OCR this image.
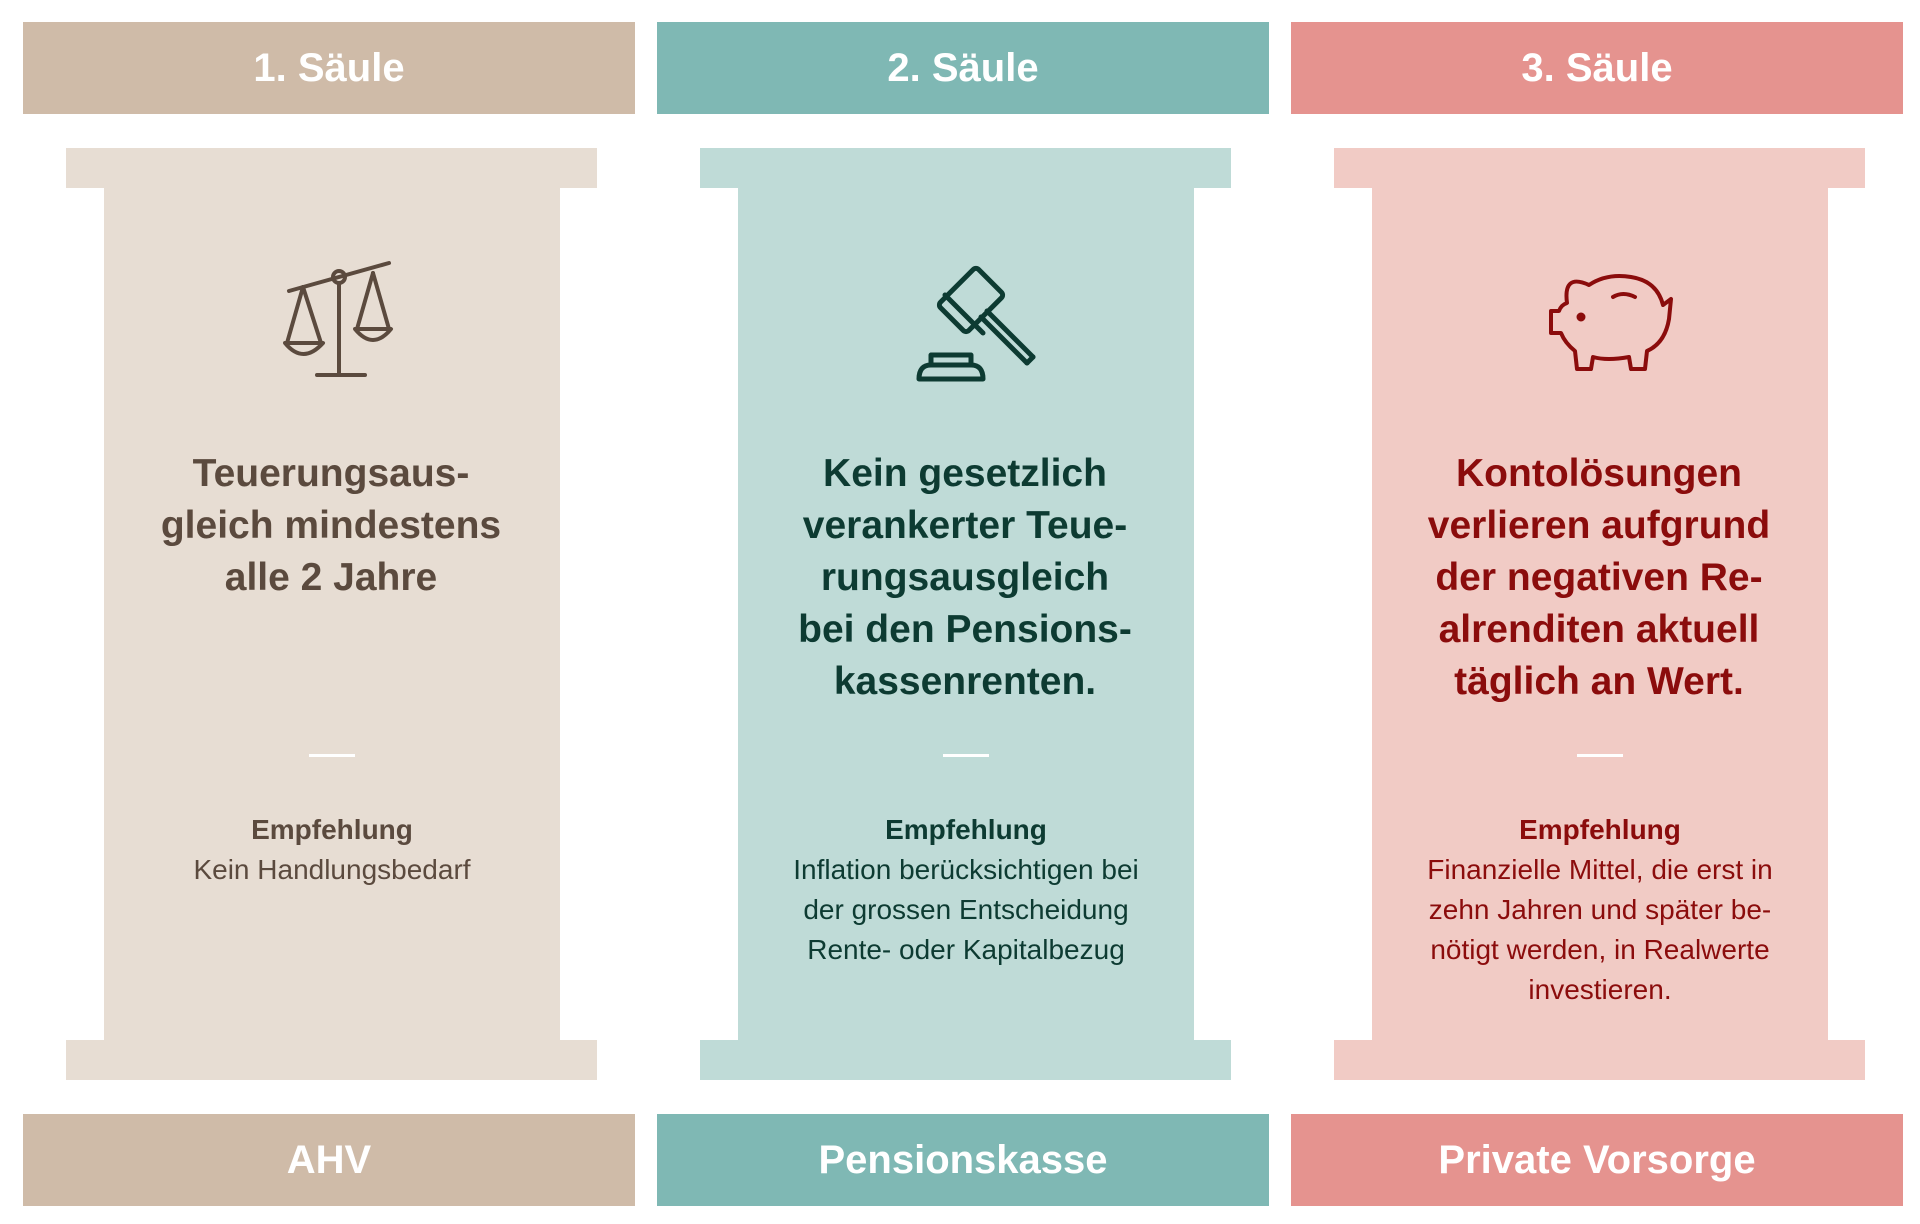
1. Säule
Teuerungsaus-
gleich mindestens
alle 2 Jahre
Empfehlung
Kein Handlungsbedarf
AHV
2. Säule
Kein gesetzlich
verankerter Teue-
rungsausgleich
bei den Pensions-
kassenrenten.
Empfehlung
Inflation berücksichtigen bei
der grossen Entscheidung
Rente- oder Kapitalbezug
Pensionskasse
3. Säule
Kontolösungen
verlieren aufgrund
der negativen Re-
alrenditen aktuell
täglich an Wert.
Empfehlung
Finanzielle Mittel, die erst in
zehn Jahren und später be-
nötigt werden, in Realwerte
investieren.
Private Vorsorge
